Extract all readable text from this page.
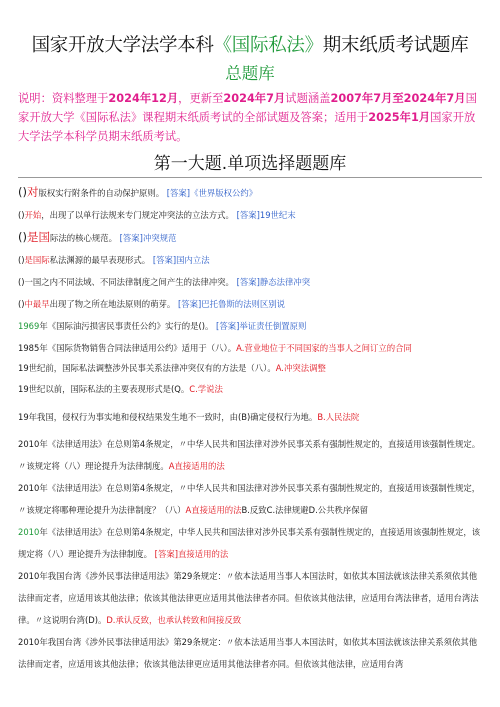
国家开放大学法学本科《国际私法》期末纸质考试题库
总题库
说明：资料整理于2024年12月，更新至2024年7月试题涵盖2007年7月至2024年7月国家开放大学《国际私法》课程期末纸质考试的全部试题及答案；适用于2025年1月国家开放大学法学本科学员期末纸质考试。
第一大题.单项选择题题库
()对版权实行附条件的自动保护原则。 [答案]《世界版权公约》
()开始，出现了以单行法规来专门规定冲突法的立法方式。 [答案]19世纪末
()是国际法的核心规范。 [答案]冲突规范
()是国际私法渊源的最早表现形式。 [答案]国内立法
()一国之内不同法域、不同法律制度之间产生的法律冲突。 [答案]静态法律冲突
()中最早出现了物之所在地法原则的萌芽。 [答案]巴托鲁斯的法则区别说
1969年《国际油污损害民事责任公约》实行的是()。 [答案]举证责任倒置原则
1985年《国际货物销售合同法律适用公约》适用于（八）。A.营业地位于不同国家的当事人之间订立的合同
19世纪前，国际私法调整涉外民事关系法律冲突仅有的方法是（八）。A.冲突法调整
19世纪以前，国际私法的主要表现形式是(Q。C.学说法
19年我国，侵权行为事实地和侵权结果发生地不一致时，由(B)确定侵权行为地。B.人民法院
2010年《法律适用法》在总则第4条规定，〃中华人民共和国法律对涉外民事关系有强制性规定的，直接适用该强制性规定。〃该规定将（八）理论提升为法律制度。A直接适用的法
2010年《法律适用法》在总则第4条规定，〃中华人民共和国法律对涉外民事关系有强制性规定的，直接适用该强制性规定，〃该规定将哪种理论提升为法律制度？（八）A直接适用的法B.反致C.法律规避D.公共秩序保留
2010年《法律适用法》在总则第4条规定，中华人民共和国法律对涉外民事关系有强制性规定的，直接适用该强制性规定，该规定将（八）理论提升为法律制度。 [答案]直接适用的法
2010年我国台湾《涉外民事法律适用法》第29条规定：〃依本法适用当事人本国法时，如依其本国法就该法律关系须依其他法律而定者，应适用该其他法律；依该其他法律更应适用其他法律者亦同。但依该其他法律，应适用台湾法律者，适用台湾法律。〃这说明台湾(D)。D.承认反致，也承认转致和间接反致
2010年我国台湾《涉外民事法律适用法》第29条规定：〃依本法适用当事人本国法时，如依其本国法就该法律关系须依其他法律而定者，应适用该其他法律；依该其他法律更应适用其他法律者亦同。但依该其他法律，应适用台湾
